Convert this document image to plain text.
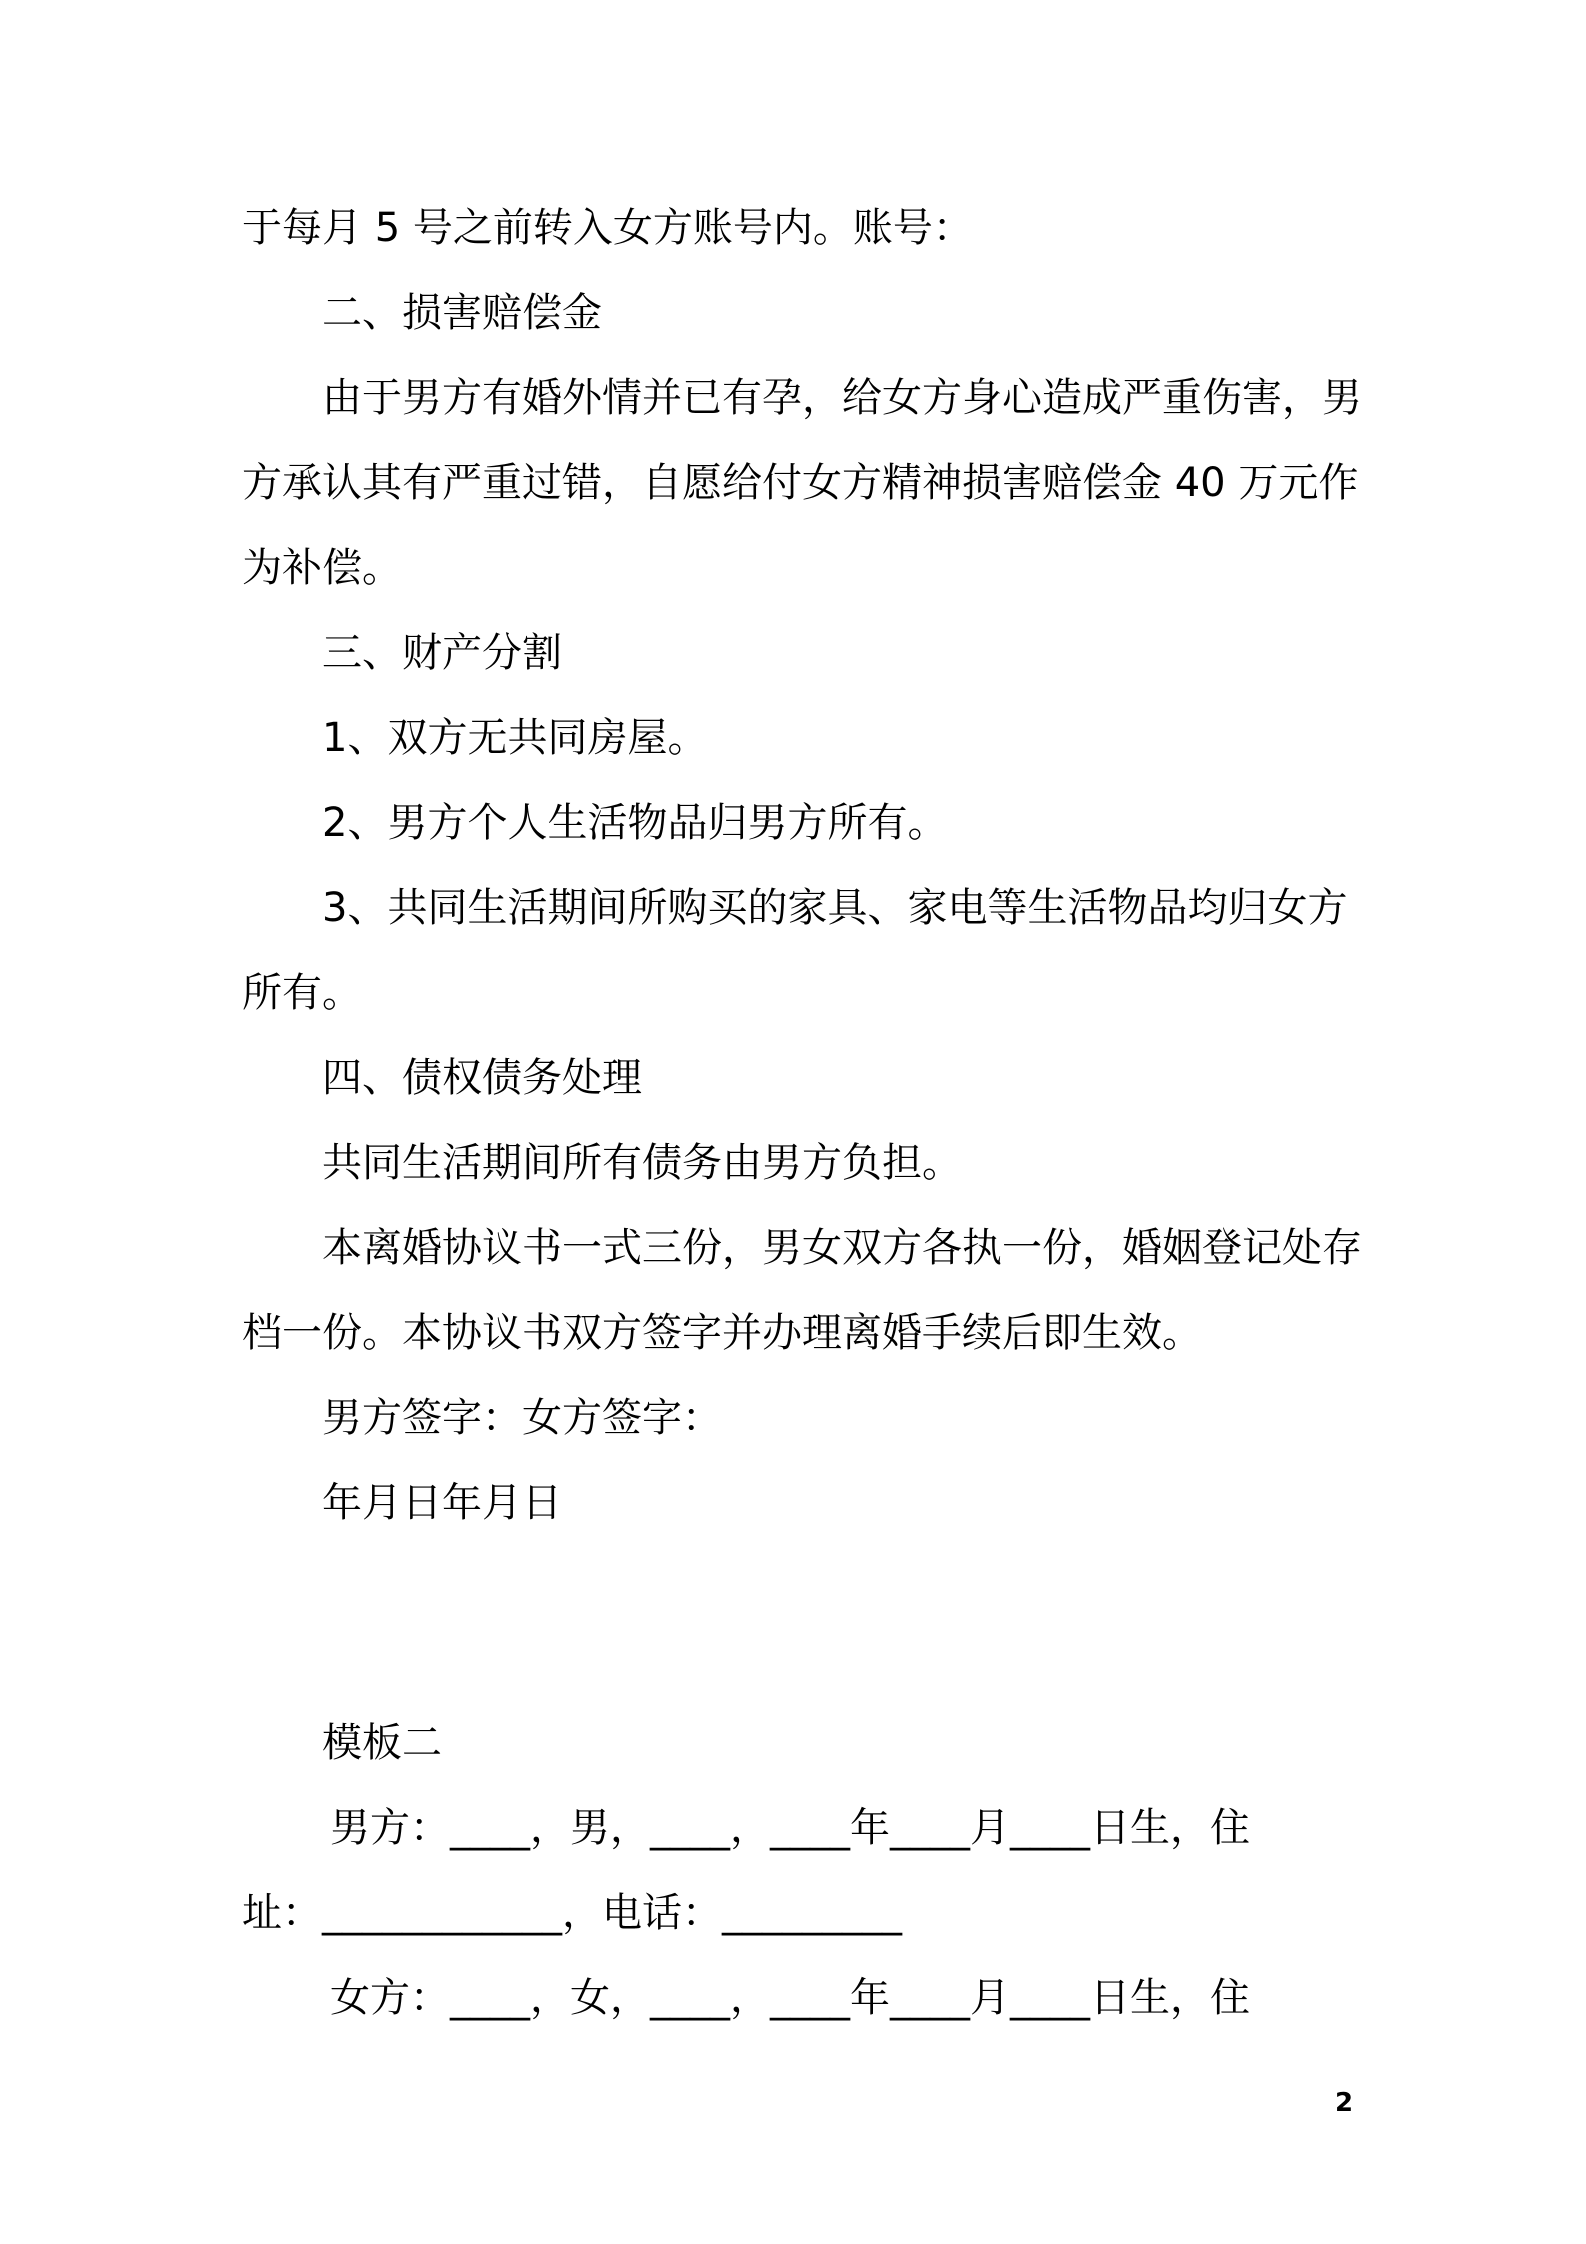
于每月 5 号之前转入女方账号内。账号：
二、损害赔偿金
由于男方有婚外情并已有孕，给女方身心造成严重伤害，男
方承认其有严重过错，自愿给付女方精神损害赔偿金 40 万元作
为补偿。
三、财产分割
1、双方无共同房屋。
2、男方个人生活物品归男方所有。
3、共同生活期间所购买的家具、家电等生活物品均归女方
所有。
四、债权债务处理
共同生活期间所有债务由男方负担。
本离婚协议书一式三份，男女双方各执一份，婚姻登记处存
档一份。本协议书双方签字并办理离婚手续后即生效。
男方签字：女方签字：
年月日年月日
模板二
男方：____，男，____，____年____月____日生，住
址：____________，电话：_________
女方：____，女，____，____年____月____日生，住
2
